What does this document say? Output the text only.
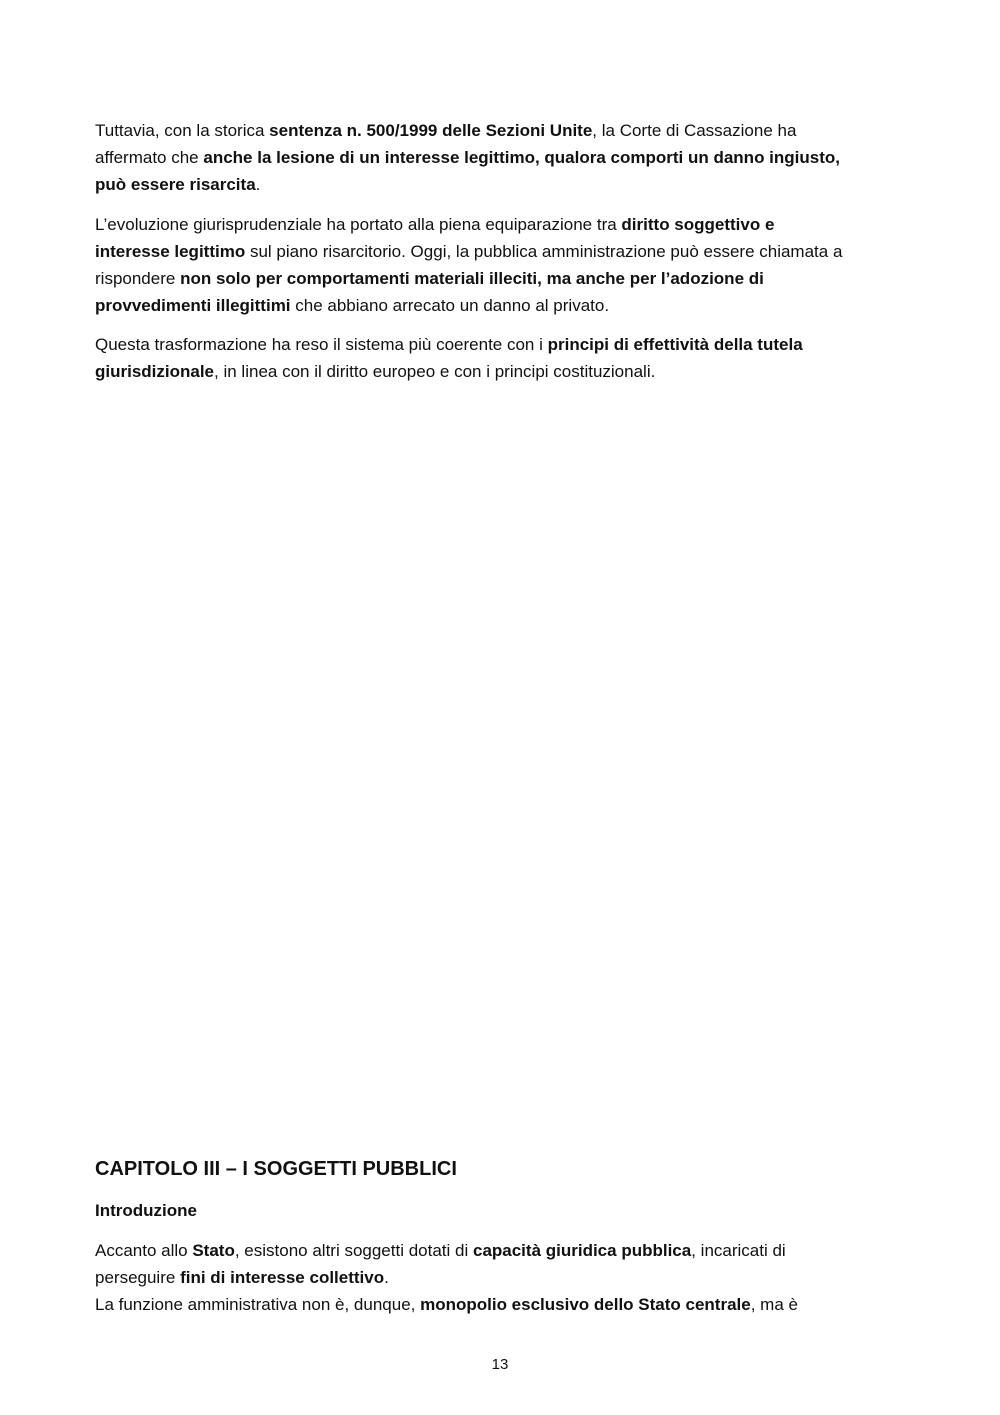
Tuttavia, con la storica sentenza n. 500/1999 delle Sezioni Unite, la Corte di Cassazione ha
affermato che anche la lesione di un interesse legittimo, qualora comporti un danno ingiusto,
può essere risarcita.

L’evoluzione giurisprudenziale ha portato alla piena equiparazione tra diritto soggettivo e
interesse legittimo sul piano risarcitorio. Oggi, la pubblica amministrazione può essere chiamata a
rispondere non solo per comportamenti materiali illeciti, ma anche per l’adozione di
provvedimenti illegittimi che abbiano arrecato un danno al privato.

Questa trasformazione ha reso il sistema più coerente con i principi di effettività della tutela
giurisdizionale, in linea con il diritto europeo e con i principi costituzionali.

CAPITOLO III – I SOGGETTI PUBBLICI
Introduzione

Accanto allo Stato, esistono altri soggetti dotati di capacità giuridica pubblica, incaricati di
perseguire fini di interesse collettivo.
La funzione amministrativa non è, dunque, monopolio esclusivo dello Stato centrale, ma è

13
